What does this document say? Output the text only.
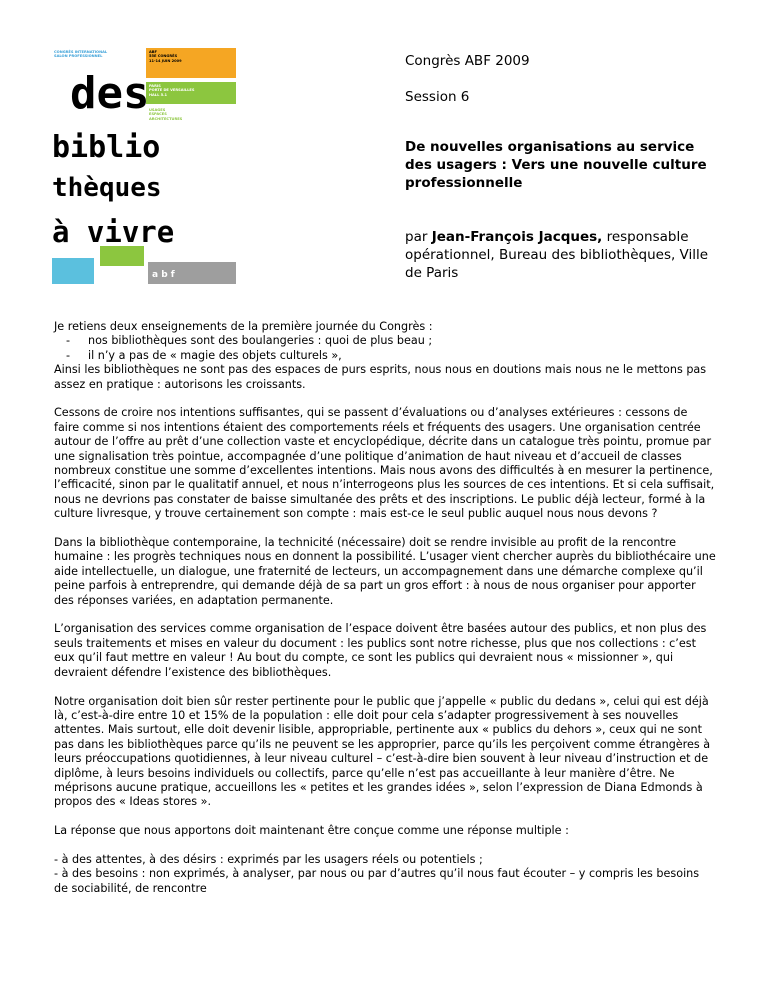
CONGRÈS INTERNATIONAL
SALON PROFESSIONNEL
ABF
55E CONGRÈS
11-14 JUIN 2009
PARIS
PORTE DE VERSAILLES
HALL 5.1
USAGES
ESPACES
ARCHITECTURES
des
biblio
thèques
à vivre
a b f

Congrès ABF 2009

Session 6

De nouvelles organisations au service des usagers : Vers une nouvelle culture professionnelle

par Jean-François Jacques, responsable opérationnel, Bureau des bibliothèques, Ville de Paris

Je retiens deux enseignements de la première journée du Congrès :
- nos bibliothèques sont des boulangeries : quoi de plus beau ;
- il n’y a pas de « magie des objets culturels »,
Ainsi les bibliothèques ne sont pas des espaces de purs esprits, nous nous en doutions mais nous ne le mettons pas assez en pratique : autorisons les croissants.

Cessons de croire nos intentions suffisantes, qui se passent d’évaluations ou d’analyses extérieures : cessons de faire comme si nos intentions étaient des comportements réels et fréquents des usagers. Une organisation centrée autour de l’offre au prêt d’une collection vaste et encyclopédique, décrite dans un catalogue très pointu, promue par une signalisation très pointue, accompagnée d’une politique d’animation de haut niveau et d’accueil de classes nombreux constitue une somme d’excellentes intentions. Mais nous avons des difficultés à en mesurer la pertinence, l’efficacité, sinon par le qualitatif annuel, et nous n’interrogeons plus les sources de ces intentions. Et si cela suffisait, nous ne devrions pas constater de baisse simultanée des prêts et des inscriptions. Le public déjà lecteur, formé à la culture livresque, y trouve certainement son compte : mais est-ce le seul public auquel nous nous devons ?

Dans la bibliothèque contemporaine, la technicité (nécessaire) doit se rendre invisible au profit de la rencontre humaine : les progrès techniques nous en donnent la possibilité. L’usager vient chercher auprès du bibliothécaire une aide intellectuelle, un dialogue, une fraternité de lecteurs, un accompagnement dans une démarche complexe qu’il peine parfois à entreprendre, qui demande déjà de sa part un gros effort : à nous de nous organiser pour apporter des réponses variées, en adaptation permanente.

L’organisation des services comme organisation de l’espace doivent être basées autour des publics, et non plus des seuls traitements et mises en valeur du document : les publics sont notre richesse, plus que nos collections : c’est eux qu’il faut mettre en valeur ! Au bout du compte, ce sont les publics qui devraient nous « missionner », qui devraient défendre l’existence des bibliothèques.

Notre organisation doit bien sûr rester pertinente pour le public que j’appelle « public du dedans », celui qui est déjà là, c’est-à-dire entre 10 et 15% de la population : elle doit pour cela s’adapter progressivement à ses nouvelles attentes. Mais surtout, elle doit devenir lisible, appropriable, pertinente aux « publics du dehors », ceux qui ne sont pas dans les bibliothèques parce qu’ils ne peuvent se les approprier, parce qu’ils les perçoivent comme étrangères à leurs préoccupations quotidiennes, à leur niveau culturel – c’est-à-dire bien souvent à leur niveau d’instruction et de diplôme, à leurs besoins individuels ou collectifs, parce qu’elle n’est pas accueillante à leur manière d’être. Ne méprisons aucune pratique, accueillons les « petites et les grandes idées », selon l’expression de Diana Edmonds à propos des « Ideas stores ».

La réponse que nous apportons doit maintenant être conçue comme une réponse multiple :

- à des attentes, à des désirs : exprimés par les usagers réels ou potentiels ;
- à des besoins : non exprimés, à analyser, par nous ou par d’autres qu’il nous faut écouter – y compris les besoins de sociabilité, de rencontre
